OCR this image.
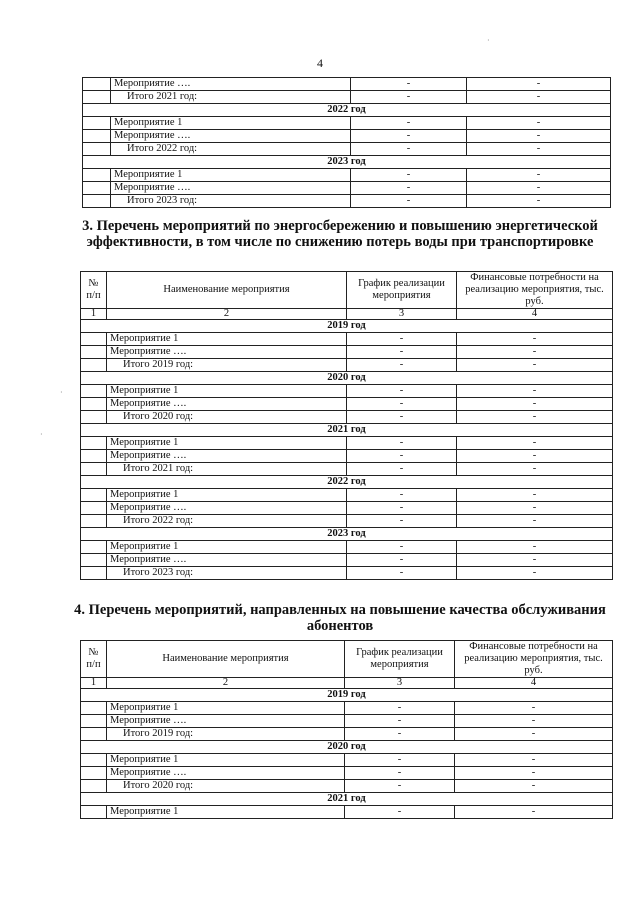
4
	Мероприятие ….	-	-
	Итого 2021 год:	-	-
2022 год			
	Мероприятие 1	-	-
	Мероприятие ….	-	-
	Итого 2022 год:	-	-
2023 год			
	Мероприятие 1	-	-
	Мероприятие ….	-	-
	Итого 2023 год:	-	-
3. Перечень мероприятий по энергосбережению и повышению энергетической эффективности, в том числе по снижению потерь воды при транспортировке
№ п/п	Наименование мероприятия	График реализации мероприятия	Финансовые потребности на реализацию мероприятия, тыс. руб.
1	2	3	4
2019 год			
	Мероприятие 1	-	-
	Мероприятие ….	-	-
	Итого 2019 год:	-	-
2020 год			
	Мероприятие 1	-	-
	Мероприятие ….	-	-
	Итого 2020 год:	-	-
2021 год			
	Мероприятие 1	-	-
	Мероприятие ….	-	-
	Итого 2021 год:	-	-
2022 год			
	Мероприятие 1	-	-
	Мероприятие ….	-	-
	Итого 2022 год:	-	-
2023 год			
	Мероприятие 1	-	-
	Мероприятие ….	-	-
	Итого 2023 год:	-	-
4. Перечень мероприятий, направленных на повышение качества обслуживания абонентов
№ п/п	Наименование мероприятия	График реализации мероприятия	Финансовые потребности на реализацию мероприятия, тыс. руб.
1	2	3	4
2019 год			
	Мероприятие 1	-	-
	Мероприятие ….	-	-
	Итого 2019 год:	-	-
2020 год			
	Мероприятие 1	-	-
	Мероприятие ….	-	-
	Итого 2020 год:	-	-
2021 год			
	Мероприятие 1	-	-
·
·
·
